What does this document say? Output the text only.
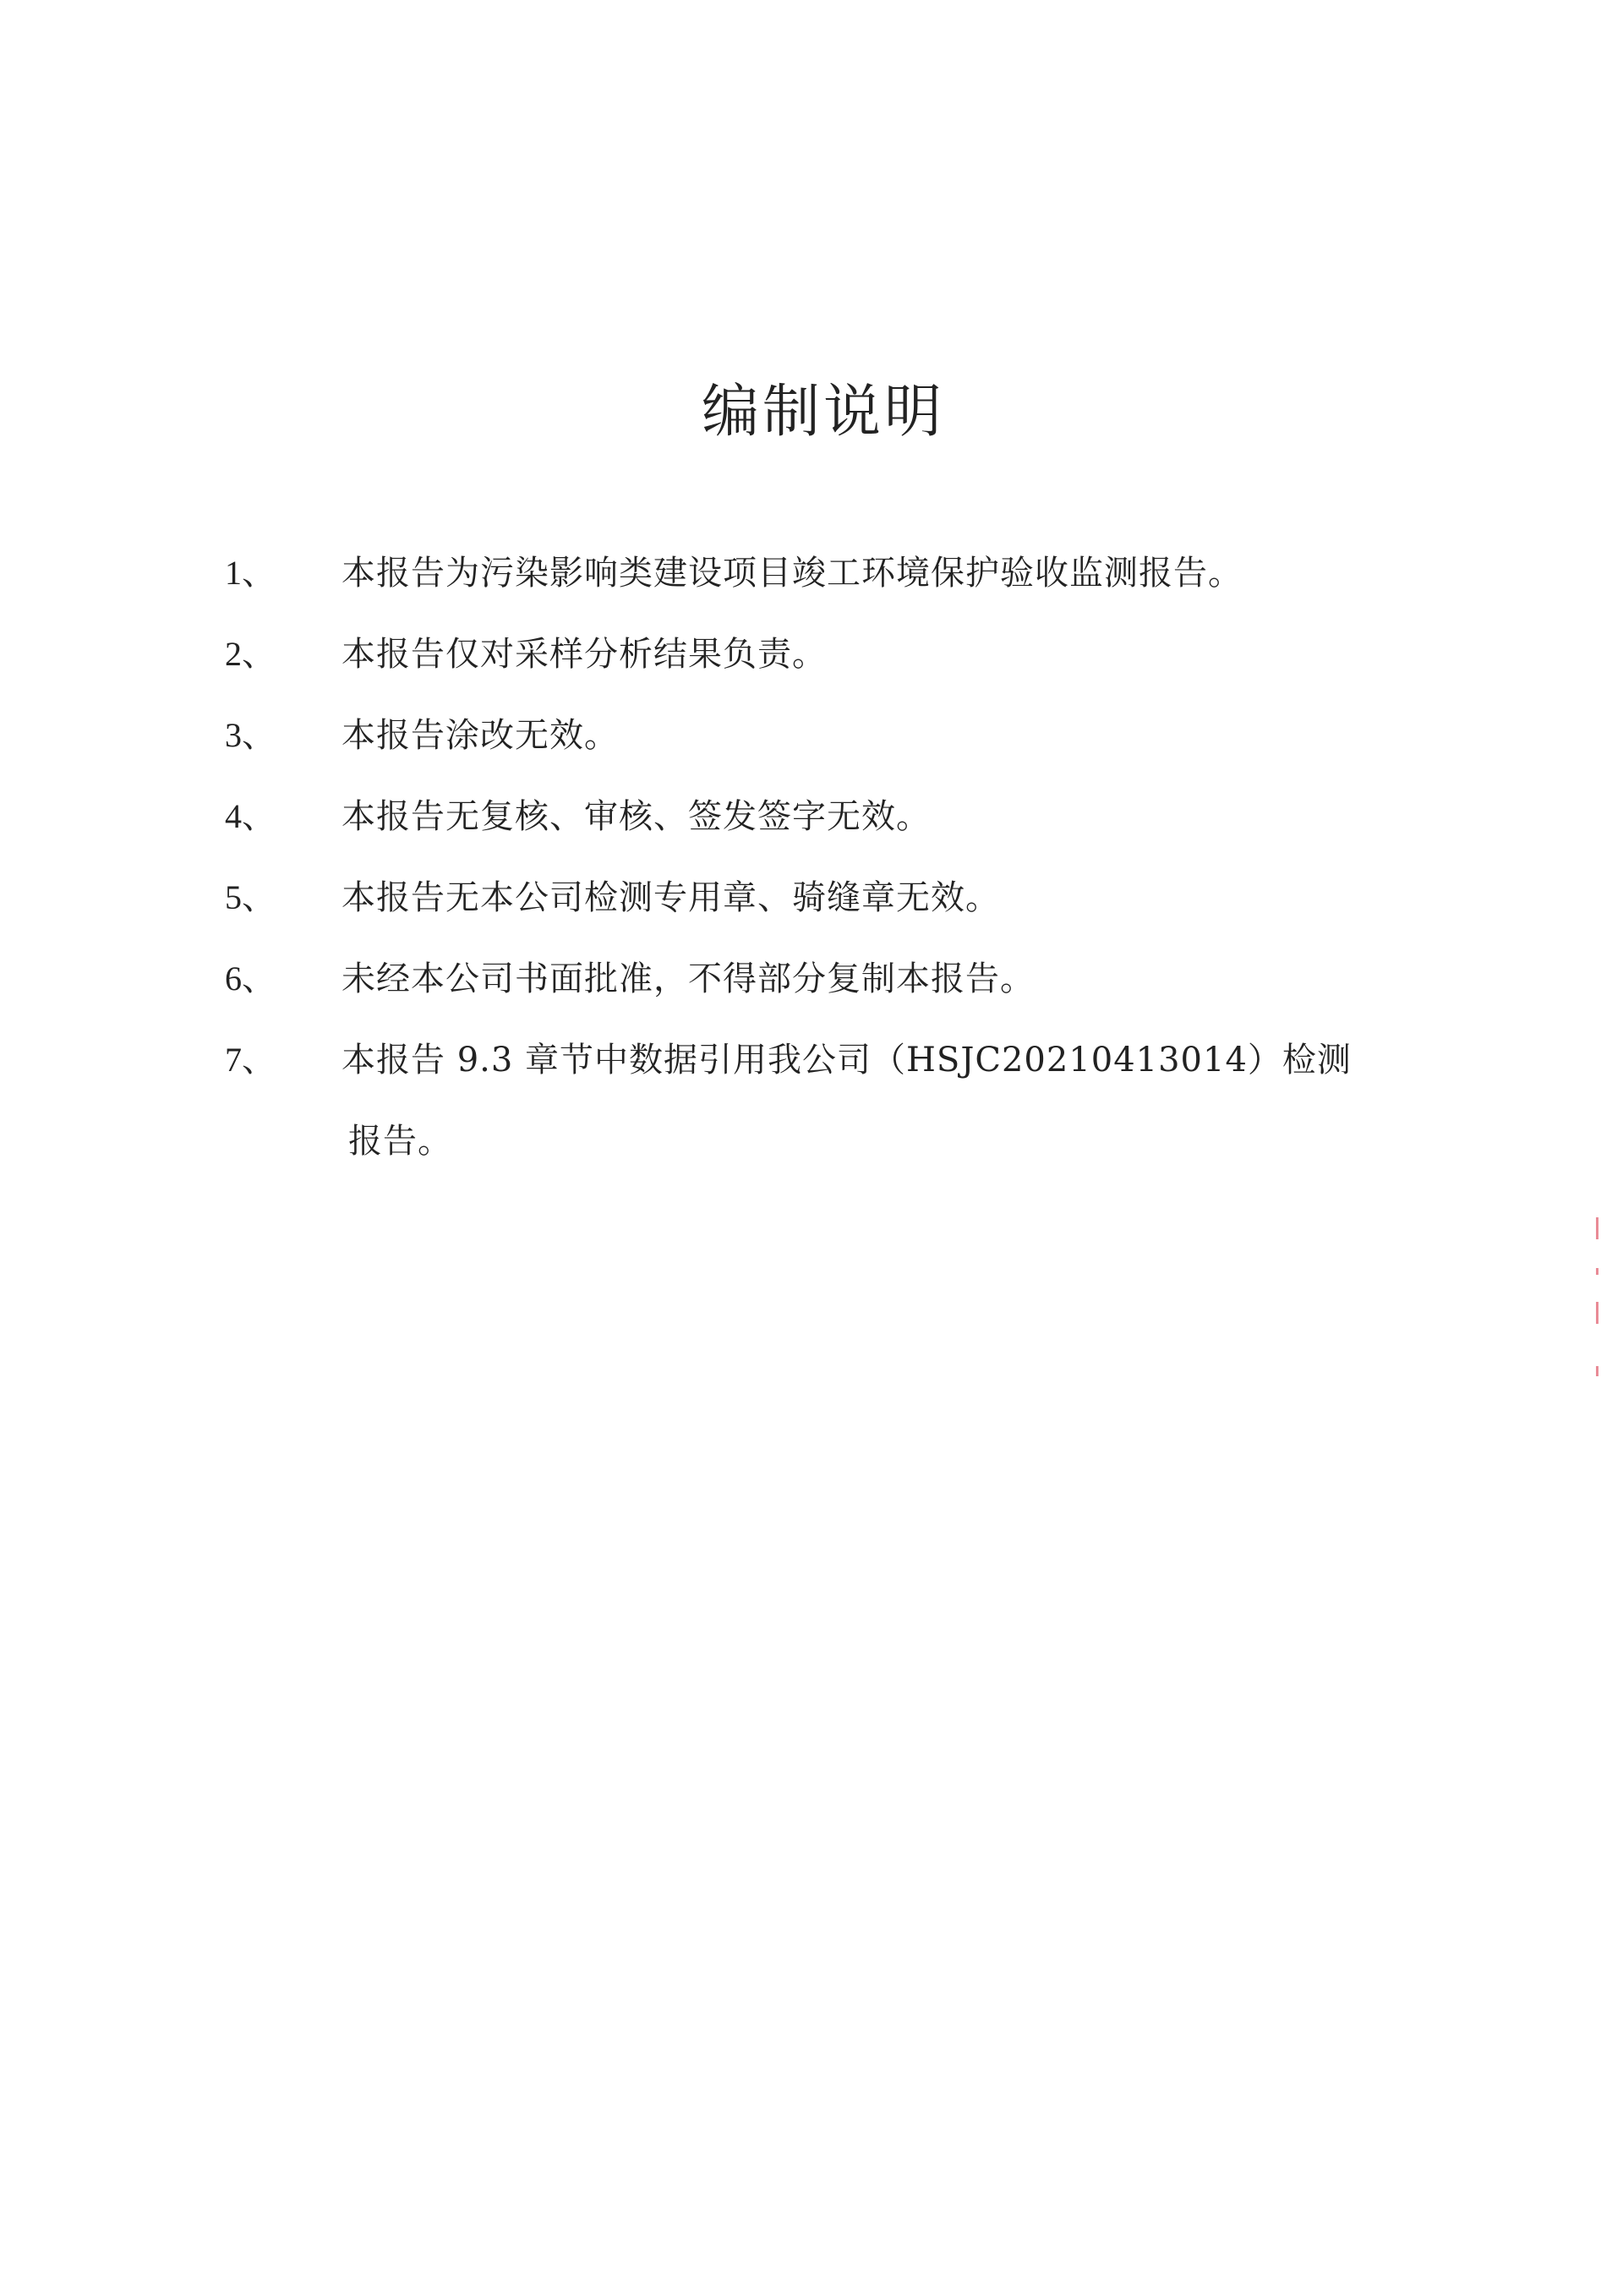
编制说明
1、 本报告为污染影响类建设项目竣工环境保护验收监测报告。
2、 本报告仅对采样分析结果负责。
3、 本报告涂改无效。
4、 本报告无复核、审核、签发签字无效。
5、 本报告无本公司检测专用章、骑缝章无效。
6、 未经本公司书面批准，不得部分复制本报告。
7、 本报告 9.3 章节中数据引用我公司（HSJC20210413014）检测
报告。
